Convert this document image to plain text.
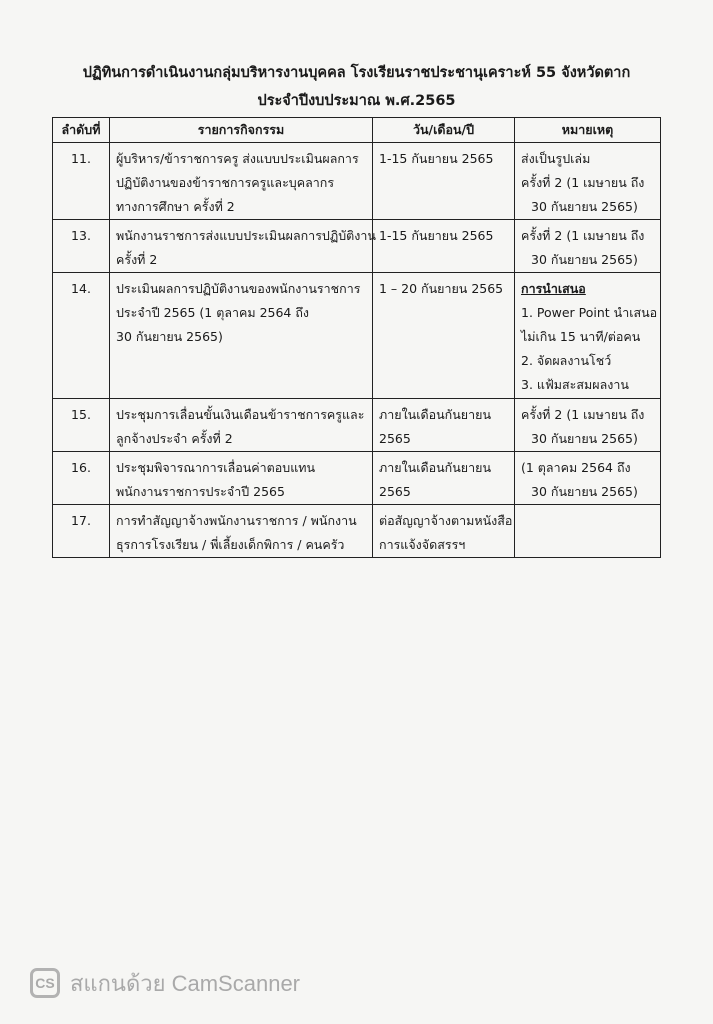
ปฏิทินการดำเนินงานกลุ่มบริหารงานบุคคล โรงเรียนราชประชานุเคราะห์ 55 จังหวัดตาก
ประจำปีงบประมาณ พ.ศ.2565
ลำดับที่	รายการกิจกรรม	วัน/เดือน/ปี	หมายเหตุ

11.	ผู้บริหาร/ข้าราชการครู ส่งแบบประเมินผลการ
ปฏิบัติงานของข้าราชการครูและบุคลากร
ทางการศึกษา ครั้งที่ 2	1-15 กันยายน 2565	ส่งเป็นรูปเล่ม
ครั้งที่ 2 (1 เมษายน ถึง
30 กันยายน 2565)

13.	พนักงานราชการส่งแบบประเมินผลการปฏิบัติงาน
ครั้งที่ 2	1-15 กันยายน 2565	ครั้งที่ 2 (1 เมษายน ถึง
30 กันยายน 2565)

14.	ประเมินผลการปฏิบัติงานของพนักงานราชการ
ประจำปี 2565 (1 ตุลาคม 2564 ถึง
30 กันยายน 2565)	1 – 20 กันยายน 2565	การนำเสนอ
1. Power Point นำเสนอ
ไม่เกิน 15 นาที/ต่อคน
2. จัดผลงานโชว์
3. แฟ้มสะสมผลงาน

15.	ประชุมการเลื่อนขั้นเงินเดือนข้าราชการครูและ
ลูกจ้างประจำ ครั้งที่ 2	ภายในเดือนกันยายน
2565	ครั้งที่ 2 (1 เมษายน ถึง
30 กันยายน 2565)

16.	ประชุมพิจารณาการเลื่อนค่าตอบแทน
พนักงานราชการประจำปี 2565	ภายในเดือนกันยายน
2565	(1 ตุลาคม 2564 ถึง
30 กันยายน 2565)

17.	การทำสัญญาจ้างพนักงานราชการ / พนักงาน
ธุรการโรงเรียน / พี่เลี้ยงเด็กพิการ / คนครัว	ต่อสัญญาจ้างตามหนังสือ
การแจ้งจัดสรรฯ	

CS สแกนด้วย CamScanner
